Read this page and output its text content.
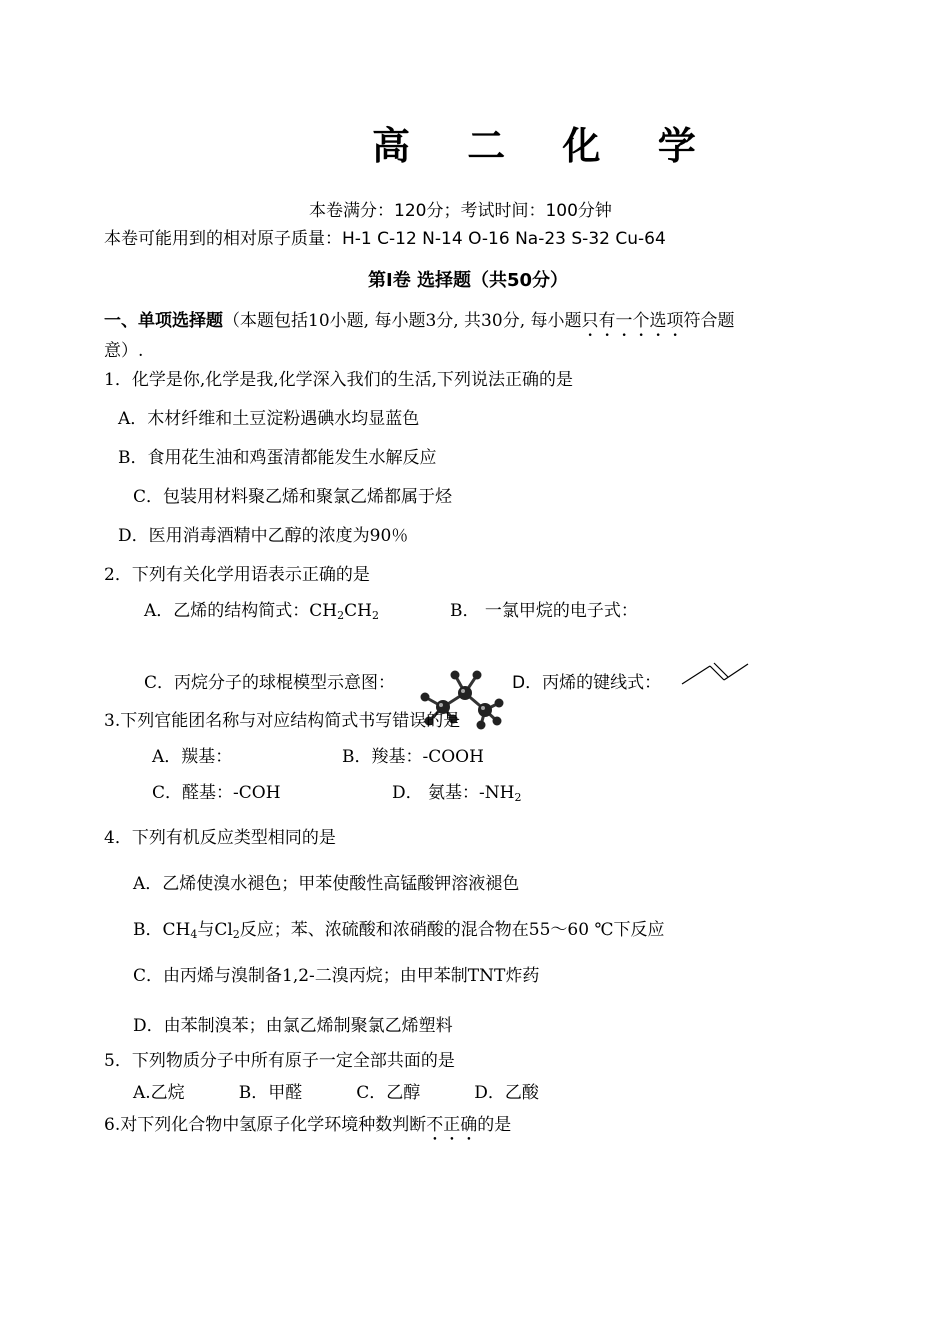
高 二 化 学
本卷满分：120分；考试时间：100分钟
本卷可能用到的相对原子质量：H-1 C-12 N-14 O-16 Na-23 S-32 Cu-64
第Ⅰ卷 选择题（共50分）
一、单项选择题（本题包括10小题, 每小题3分, 共30分, 每小题只有一个选项符合题
意）.
1．化学是你,化学是我,化学深入我们的生活,下列说法正确的是
A．木材纤维和土豆淀粉遇碘水均显蓝色
B．食用花生油和鸡蛋清都能发生水解反应
C．包装用材料聚乙烯和聚氯乙烯都属于烃
D．医用消毒酒精中乙醇的浓度为90％
2．下列有关化学用语表示正确的是
A．乙烯的结构简式：$CH_2CH_2$	B． 一氯甲烷的电子式：
C．丙烷分子的球棍模型示意图：	D．丙烯的键线式：
3.下列官能团名称与对应结构简式书写错误的是
A．羰基：	B．羧基：-COOH
C．醛基：-COH	D． 氨基：$-NH_2$
4．下列有机反应类型相同的是
A．乙烯使溴水褪色；甲苯使酸性高锰酸钾溶液褪色
B．$CH_4$与$Cl_2$反应；苯、浓硫酸和浓硝酸的混合物在55～60 ℃下反应
C．由丙烯与溴制备1,2-二溴丙烷；由甲苯制TNT炸药
D．由苯制溴苯；由氯乙烯制聚氯乙烯塑料
5．下列物质分子中所有原子一定全部共面的是
A.乙烷          B．甲醛          C．乙醇          D．乙酸
6.对下列化合物中氢原子化学环境种数判断不正确的是
